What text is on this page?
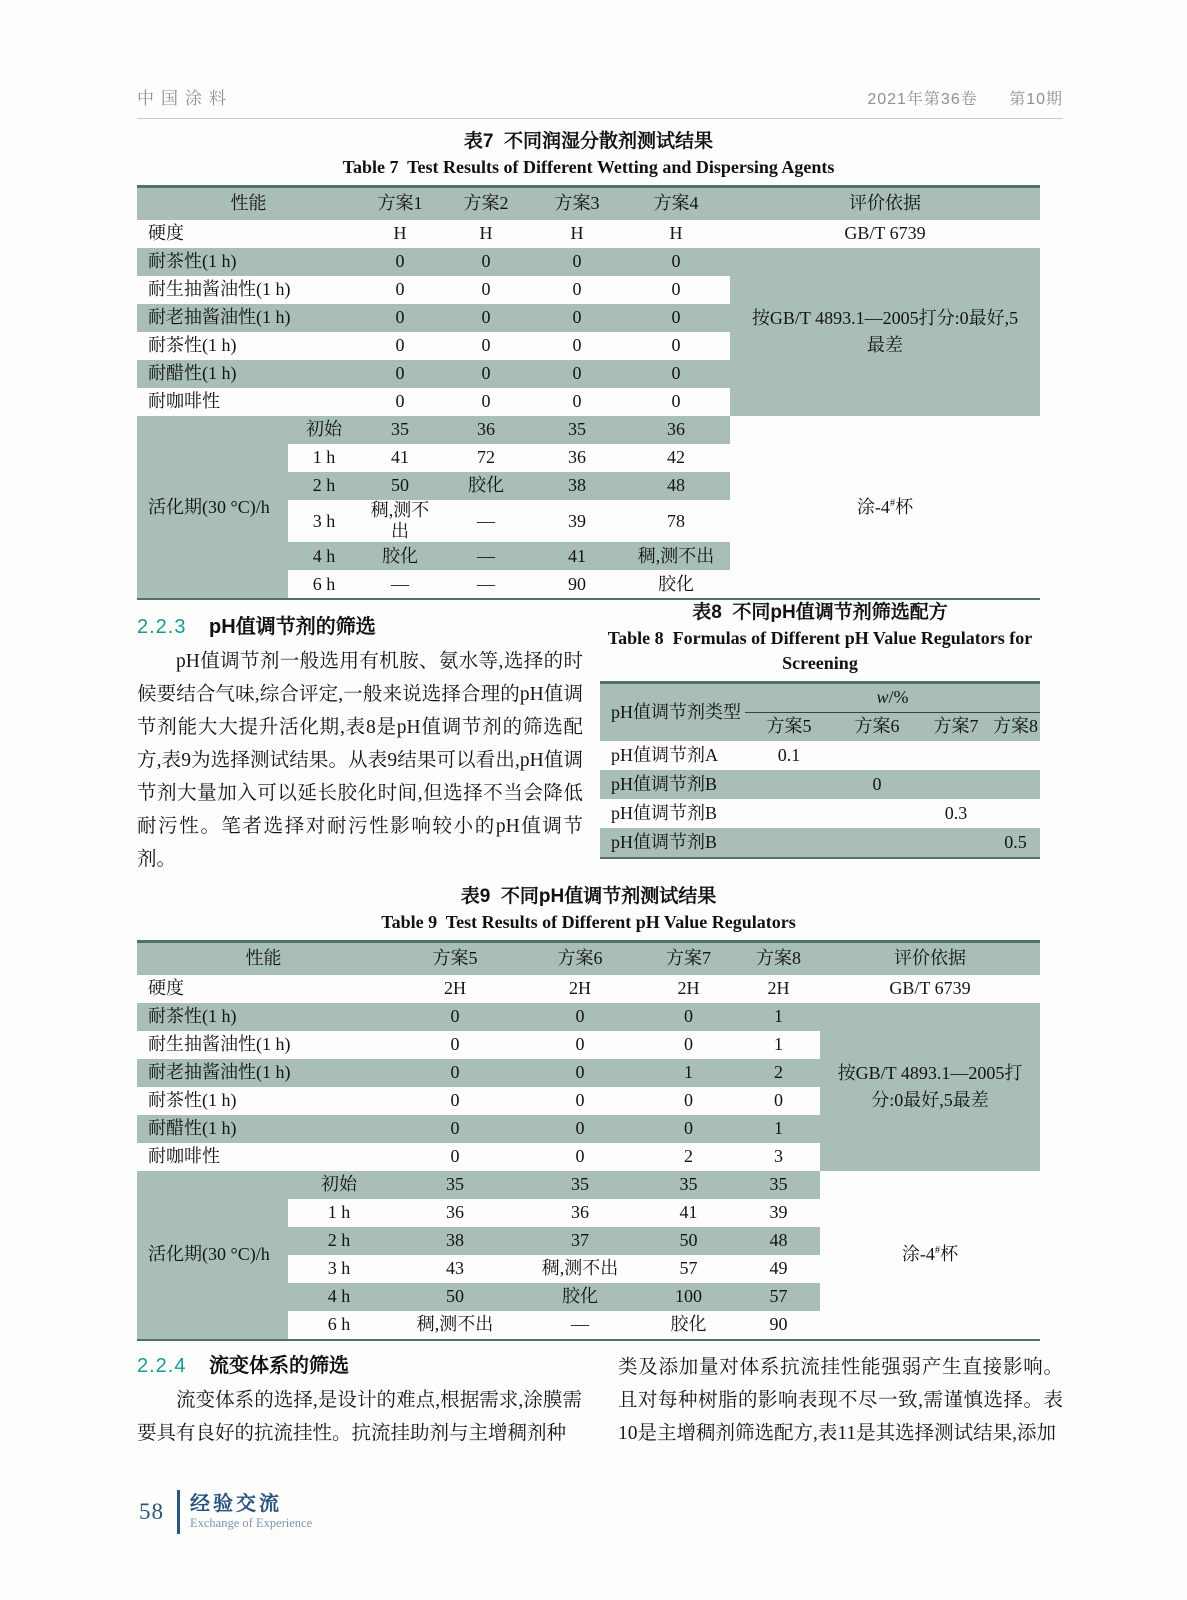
中国涂料	2021年第36卷 第10期
表7  不同润湿分散剂测试结果
Table 7  Test Results of Different Wetting and Dispersing Agents
性能		方案1	方案2	方案3	方案4	评价依据
硬度		H	H	H	H	GB/T 6739
耐茶性(1 h)		0	0	0	0	按GB/T 4893.1—2005打分:0最好,5最差
耐生抽酱油性(1 h)		0	0	0	0	
耐老抽酱油性(1 h)		0	0	0	0	
耐茶性(1 h)		0	0	0	0	
耐醋性(1 h)		0	0	0	0	
耐咖啡性		0	0	0	0	
活化期(30 °C)/h	初始	35	36	35	36	涂-4#杯
	1 h	41	72	36	42	
	2 h	50	胶化	38	48	
	3 h	稠,测不出	—	39	78	
	4 h	胶化	—	41	稠,测不出	
	6 h	—	—	90	胶化	
2.2.3 pH值调节剂的筛选

pH值调节剂一般选用有机胺、氨水等,选择的时候要结合气味,综合评定,一般来说选择合理的pH值调节剂能大大提升活化期,表8是pH值调节剂的筛选配方,表9为选择测试结果。从表9结果可以看出,pH值调节剂大量加入可以延长胶化时间,但选择不当会降低耐污性。笔者选择对耐污性影响较小的pH值调节剂。

表8  不同pH值调节剂筛选配方
Table 8  Formulas of Different pH Value Regulators for
Screening
pH值调节剂类型	w/%			
	方案5	方案6	方案7	方案8
pH值调节剂A	0.1			
pH值调节剂B		0		
pH值调节剂B			0.3	
pH值调节剂B				0.5
表9  不同pH值调节剂测试结果
Table 9  Test Results of Different pH Value Regulators
性能		方案5	方案6	方案7	方案8	评价依据
硬度		2H	2H	2H	2H	GB/T 6739
耐茶性(1 h)		0	0	0	1	按GB/T 4893.1—2005打分:0最好,5最差
耐生抽酱油性(1 h)		0	0	0	1	
耐老抽酱油性(1 h)		0	0	1	2	
耐茶性(1 h)		0	0	0	0	
耐醋性(1 h)		0	0	0	1	
耐咖啡性		0	0	2	3	
活化期(30 °C)/h	初始	35	35	35	35	涂-4#杯
	1 h	36	36	41	39	
	2 h	38	37	50	48	
	3 h	43	稠,测不出	57	49	
	4 h	50	胶化	100	57	
	6 h	稠,测不出	—	胶化	90	
2.2.4 流变体系的筛选

流变体系的选择,是设计的难点,根据需求,涂膜需要具有良好的抗流挂性。抗流挂助剂与主增稠剂种

类及添加量对体系抗流挂性能强弱产生直接影响。且对每种树脂的影响表现不尽一致,需谨慎选择。表10是主增稠剂筛选配方,表11是其选择测试结果,添加

58 经验交流
Exchange of Experience
